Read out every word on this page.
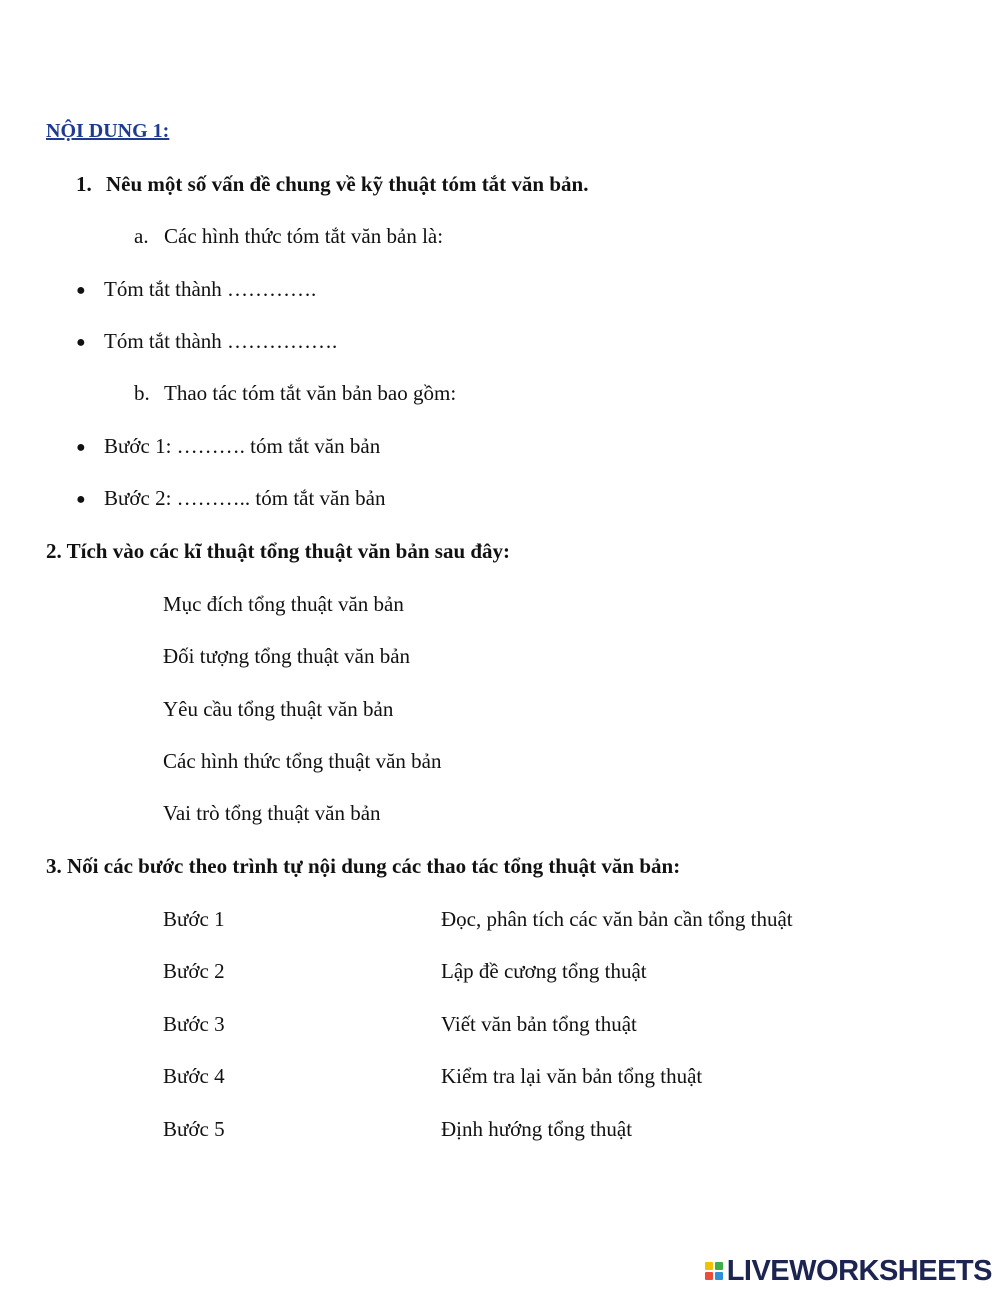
NỘI DUNG 1:
1. Nêu một số vấn đề chung về kỹ thuật tóm tắt văn bản.
a. Các hình thức tóm tắt văn bản là:
● Tóm tắt thành ………….
● Tóm tắt thành …………….
b. Thao tác tóm tắt văn bản bao gồm:
● Bước 1: ………. tóm tắt văn bản
● Bước 2: ……….. tóm tắt văn bản
2. Tích vào các kĩ thuật tổng thuật văn bản sau đây:
Mục đích tổng thuật văn bản
Đối tượng tổng thuật văn bản
Yêu cầu tổng thuật văn bản
Các hình thức tổng thuật văn bản
Vai trò tổng thuật văn bản
3. Nối các bước theo trình tự nội dung các thao tác tổng thuật văn bản:
Bước 1	Đọc, phân tích các văn bản cần tổng thuật
Bước 2	Lập đề cương tổng thuật
Bước 3	Viết văn bản tổng thuật
Bước 4	Kiểm tra lại văn bản tổng thuật
Bước 5	Định hướng tổng thuật
LIVEWORKSHEETS
